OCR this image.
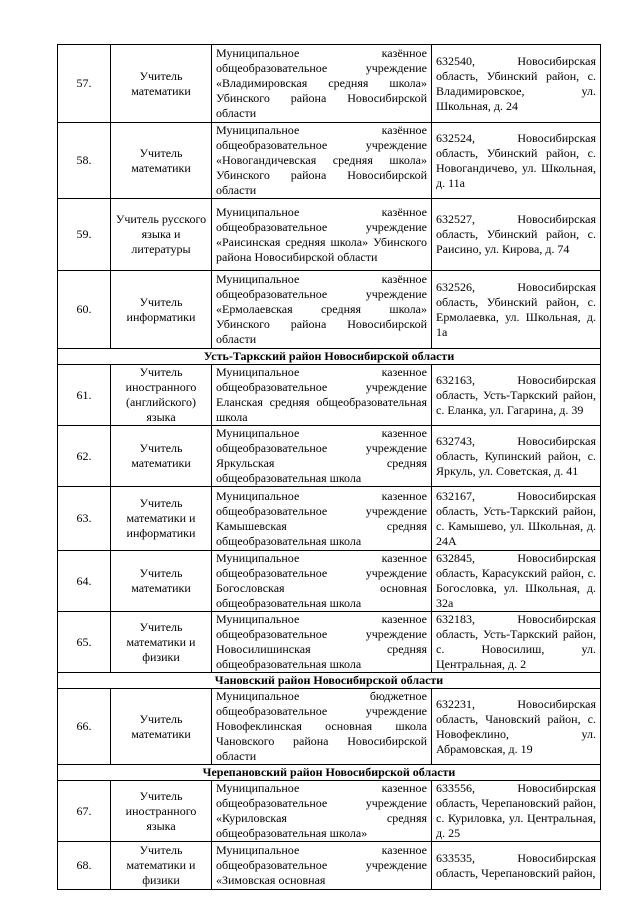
57.	Учитель математики	Муниципальное казённое общеобразовательное учреждение «Владимировская средняя школа» Убинского района Новосибирской области	632540, Новосибирская область, Убинский район, с. Владимировское, ул. Школьная, д. 24
58.	Учитель математики	Муниципальное казённое общеобразовательное учреждение «Новогандичевская средняя школа» Убинского района Новосибирской области	632524, Новосибирская область, Убинский район, с. Новогандичево, ул. Школьная, д. 11а
59.	Учитель русского языка и литературы	Муниципальное казённое общеобразовательное учреждение «Раисинская средняя школа» Убинского района Новосибирской области	632527, Новосибирская область, Убинский район, с. Раисино, ул. Кирова, д. 74
60.	Учитель информатики	Муниципальное казённое общеобразовательное учреждение «Ермолаевская средняя школа» Убинского района Новосибирской области	632526, Новосибирская область, Убинский район, с. Ермолаевка, ул. Школьная, д. 1а
Усть-Таркский район Новосибирской области			
61.	Учитель иностранного (английского) языка	Муниципальное казенное общеобразовательное учреждение Еланская средняя общеобразовательная школа	632163, Новосибирская область, Усть-Таркский район, с. Еланка, ул. Гагарина, д. 39
62.	Учитель математики	Муниципальное казенное общеобразовательное учреждение Яркульская средняя общеобразовательная школа	632743, Новосибирская область, Купинский район, с. Яркуль, ул. Советская, д. 41
63.	Учитель математики и информатики	Муниципальное казенное общеобразовательное учреждение Камышевская средняя общеобразовательная школа	632167, Новосибирская область, Усть-Таркский район, с. Камышево, ул. Школьная, д. 24А
64.	Учитель математики	Муниципальное казенное общеобразовательное учреждение Богословская основная общеобразовательная школа	632845, Новосибирская область, Карасукский район, с. Богословка, ул. Школьная, д. 32а
65.	Учитель математики и физики	Муниципальное казенное общеобразовательное учреждение Новосилишинская средняя общеобразовательная школа	632183, Новосибирская область, Усть-Таркский район, с. Новосилиш, ул. Центральная, д. 2
Чановский район Новосибирской области			
66.	Учитель математики	Муниципальное бюджетное общеобразовательное учреждение Новофеклинская основная школа Чановского района Новосибирской области	632231, Новосибирская область, Чановский район, с. Новофеклино, ул. Абрамовская, д. 19
Черепановский район Новосибирской области			
67.	Учитель иностранного языка	Муниципальное казенное общеобразовательное учреждение «Куриловская средняя общеобразовательная школа»	633556, Новосибирская область, Черепановский район, с. Куриловка, ул. Центральная, д. 25
68.	Учитель математики и физики	Муниципальное казенное общеобразовательное учреждение «Зимовская основная	633535, Новосибирская область, Черепановский район,
